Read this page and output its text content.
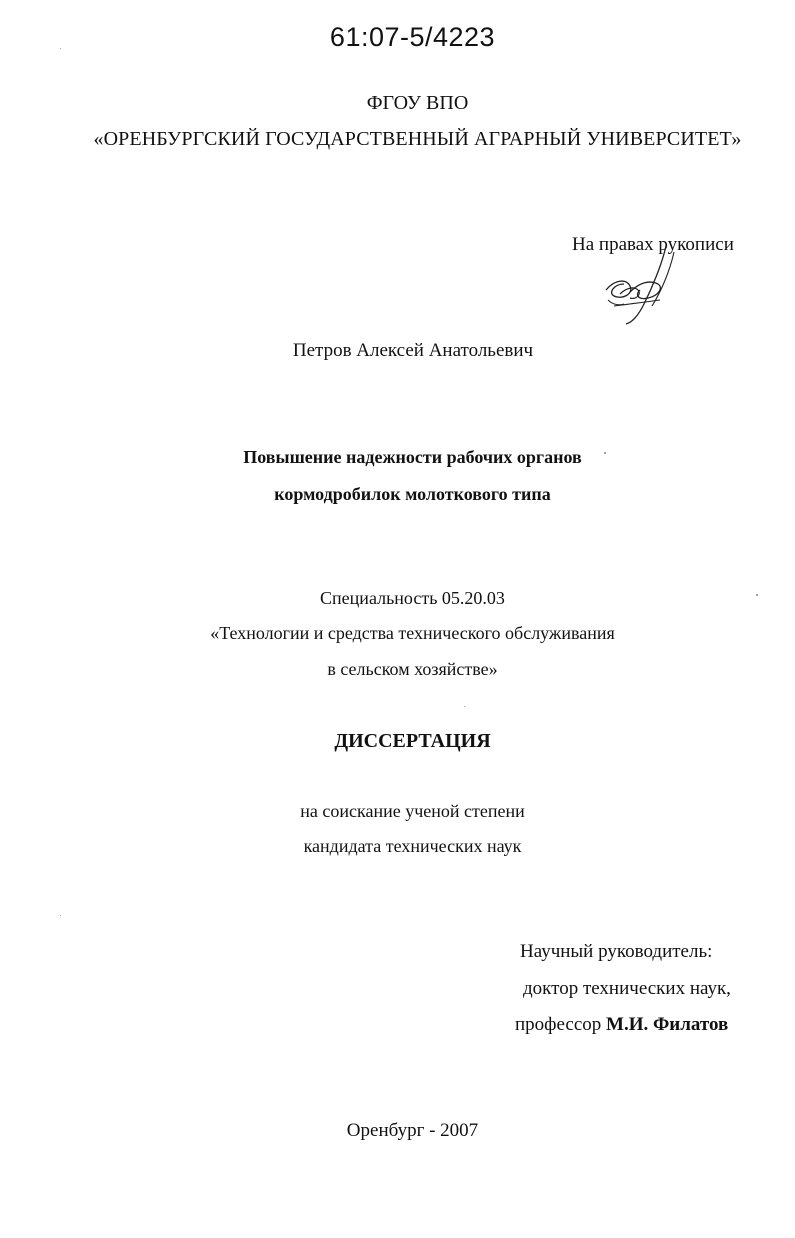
61:07-5/4223
ФГОУ ВПО
«ОРЕНБУРГСКИЙ ГОСУДАРСТВЕННЫЙ АГРАРНЫЙ УНИВЕРСИТЕТ»
На правах рукописи
Петров Алексей Анатольевич
Повышение надежности рабочих органов
кормодробилок молоткового типа
Специальность 05.20.03
«Технологии и средства технического обслуживания
в сельском хозяйстве»
ДИССЕРТАЦИЯ
на соискание ученой степени
кандидата технических наук
Научный руководитель:
доктор технических наук,
профессор М.И. Филатов
Оренбург - 2007
